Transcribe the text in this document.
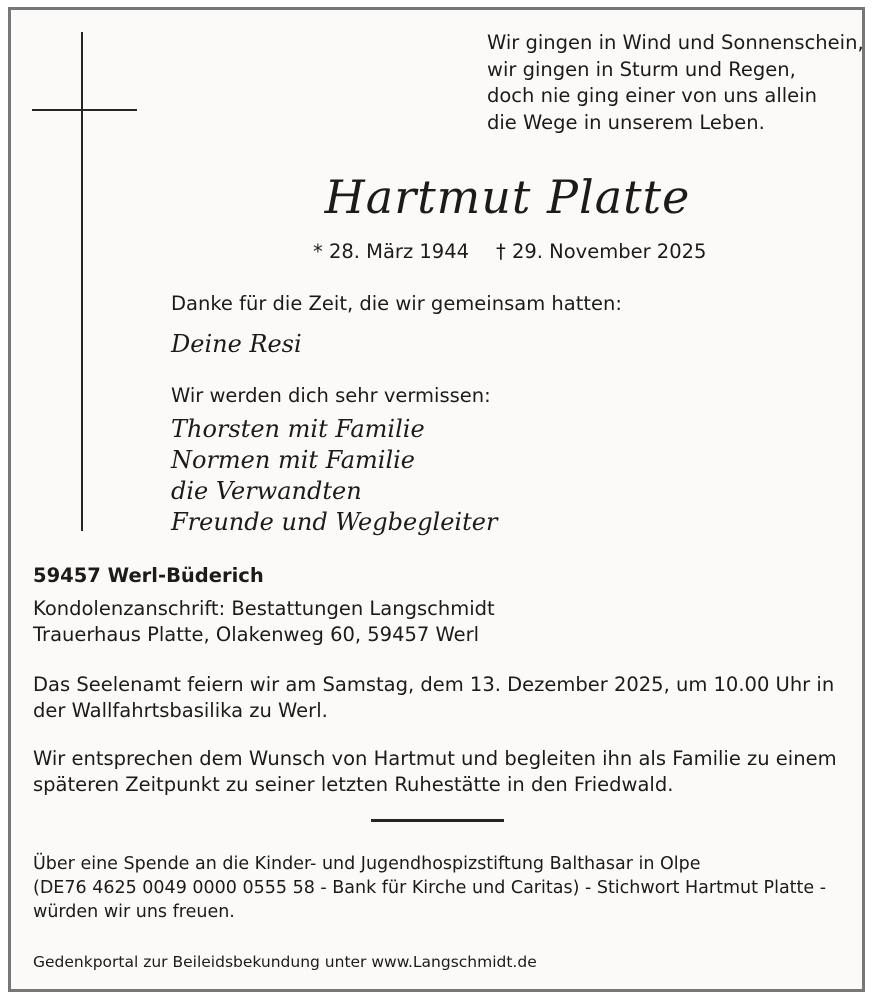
Wir gingen in Wind und Sonnenschein,
wir gingen in Sturm und Regen,
doch nie ging einer von uns allein
die Wege in unserem Leben.
Hartmut Platte
* 28. März 1944 † 29. November 2025
Danke für die Zeit, die wir gemeinsam hatten:
Deine Resi
Wir werden dich sehr vermissen:
Thorsten mit Familie
Normen mit Familie
die Verwandten
Freunde und Wegbegleiter
59457 Werl-Büderich
Kondolenzanschrift: Bestattungen Langschmidt
Trauerhaus Platte, Olakenweg 60, 59457 Werl
Das Seelenamt feiern wir am Samstag, dem 13. Dezember 2025, um 10.00 Uhr in
der Wallfahrtsbasilika zu Werl.
Wir entsprechen dem Wunsch von Hartmut und begleiten ihn als Familie zu einem
späteren Zeitpunkt zu seiner letzten Ruhestätte in den Friedwald.
Über eine Spende an die Kinder- und Jugendhospizstiftung Balthasar in Olpe
(DE76 4625 0049 0000 0555 58 - Bank für Kirche und Caritas) - Stichwort Hartmut Platte -
würden wir uns freuen.
Gedenkportal zur Beileidsbekundung unter www.Langschmidt.de
